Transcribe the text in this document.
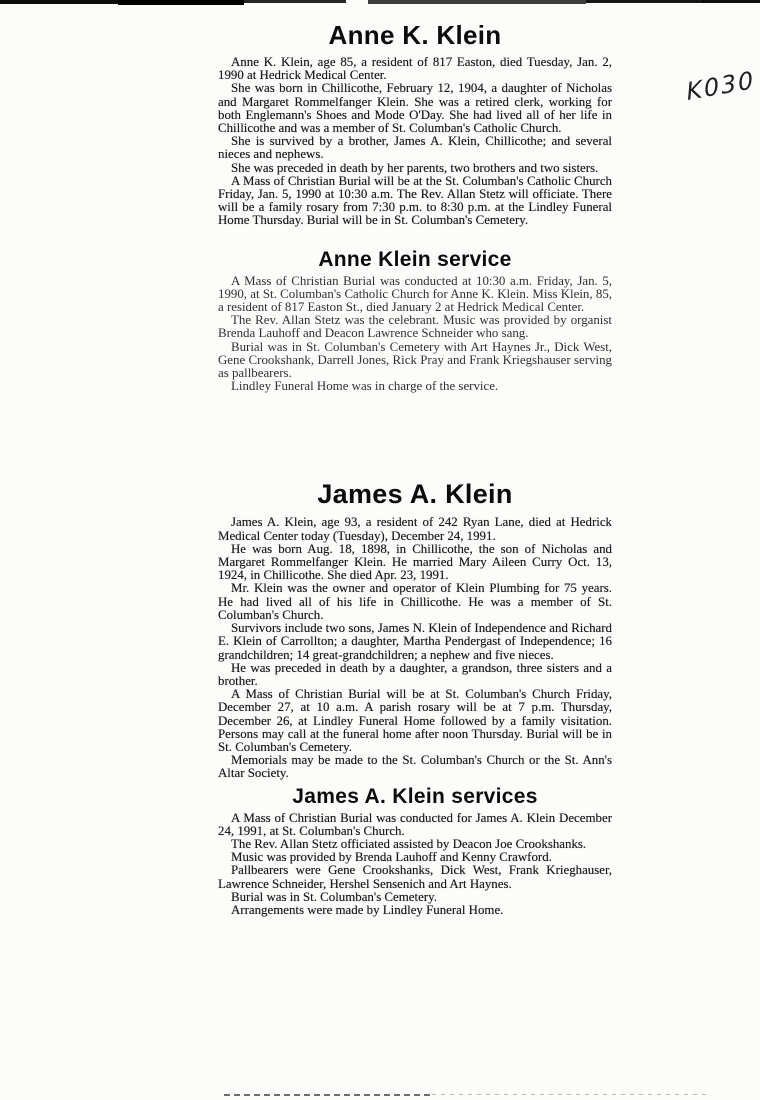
K030
Anne K. Klein

Anne K. Klein, age 85, a resident of 817 Easton, died Tuesday, Jan. 2, 1990 at Hedrick Medical Center.

She was born in Chillicothe, February 12, 1904, a daughter of Nicholas and Margaret Rommelfanger Klein. She was a retired clerk, working for both Englemann's Shoes and Mode O'Day. She had lived all of her life in Chillicothe and was a member of St. Columban's Catholic Church.

She is survived by a brother, James A. Klein, Chillicothe; and several nieces and nephews.

She was preceded in death by her parents, two brothers and two sisters.

A Mass of Christian Burial will be at the St. Columban's Catholic Church Friday, Jan. 5, 1990 at 10:30 a.m. The Rev. Allan Stetz will officiate. There will be a family rosary from 7:30 p.m. to 8:30 p.m. at the Lindley Funeral Home Thursday. Burial will be in St. Columban's Cemetery.

Anne Klein service

A Mass of Christian Burial was conducted at 10:30 a.m. Friday, Jan. 5, 1990, at St. Columban's Catholic Church for Anne K. Klein. Miss Klein, 85, a resident of 817 Easton St., died January 2 at Hedrick Medical Center.

The Rev. Allan Stetz was the celebrant. Music was provided by organist Brenda Lauhoff and Deacon Lawrence Schneider who sang.

Burial was in St. Columban's Cemetery with Art Haynes Jr., Dick West, Gene Crookshank, Darrell Jones, Rick Pray and Frank Kriegshauser serving as pallbearers.

Lindley Funeral Home was in charge of the service.

James A. Klein

James A. Klein, age 93, a resident of 242 Ryan Lane, died at Hedrick Medical Center today (Tuesday), December 24, 1991.

He was born Aug. 18, 1898, in Chillicothe, the son of Nicholas and Margaret Rommelfanger Klein. He married Mary Aileen Curry Oct. 13, 1924, in Chillicothe. She died Apr. 23, 1991.

Mr. Klein was the owner and operator of Klein Plumbing for 75 years. He had lived all of his life in Chillicothe. He was a member of St. Columban's Church.

Survivors include two sons, James N. Klein of Independence and Richard E. Klein of Carrollton; a daughter, Martha Pendergast of Independence; 16 grandchildren; 14 great-grandchildren; a nephew and five nieces.

He was preceded in death by a daughter, a grandson, three sisters and a brother.

A Mass of Christian Burial will be at St. Columban's Church Friday, December 27, at 10 a.m. A parish rosary will be at 7 p.m. Thursday, December 26, at Lindley Funeral Home followed by a family visitation. Persons may call at the funeral home after noon Thursday. Burial will be in St. Columban's Cemetery.

Memorials may be made to the St. Columban's Church or the St. Ann's Altar Society.

James A. Klein services

A Mass of Christian Burial was conducted for James A. Klein December 24, 1991, at St. Columban's Church.

The Rev. Allan Stetz officiated assisted by Deacon Joe Crookshanks.

Music was provided by Brenda Lauhoff and Kenny Crawford.

Pallbearers were Gene Crookshanks, Dick West, Frank Krieghauser, Lawrence Schneider, Hershel Sensenich and Art Haynes.

Burial was in St. Columban's Cemetery.

Arrangements were made by Lindley Funeral Home.
